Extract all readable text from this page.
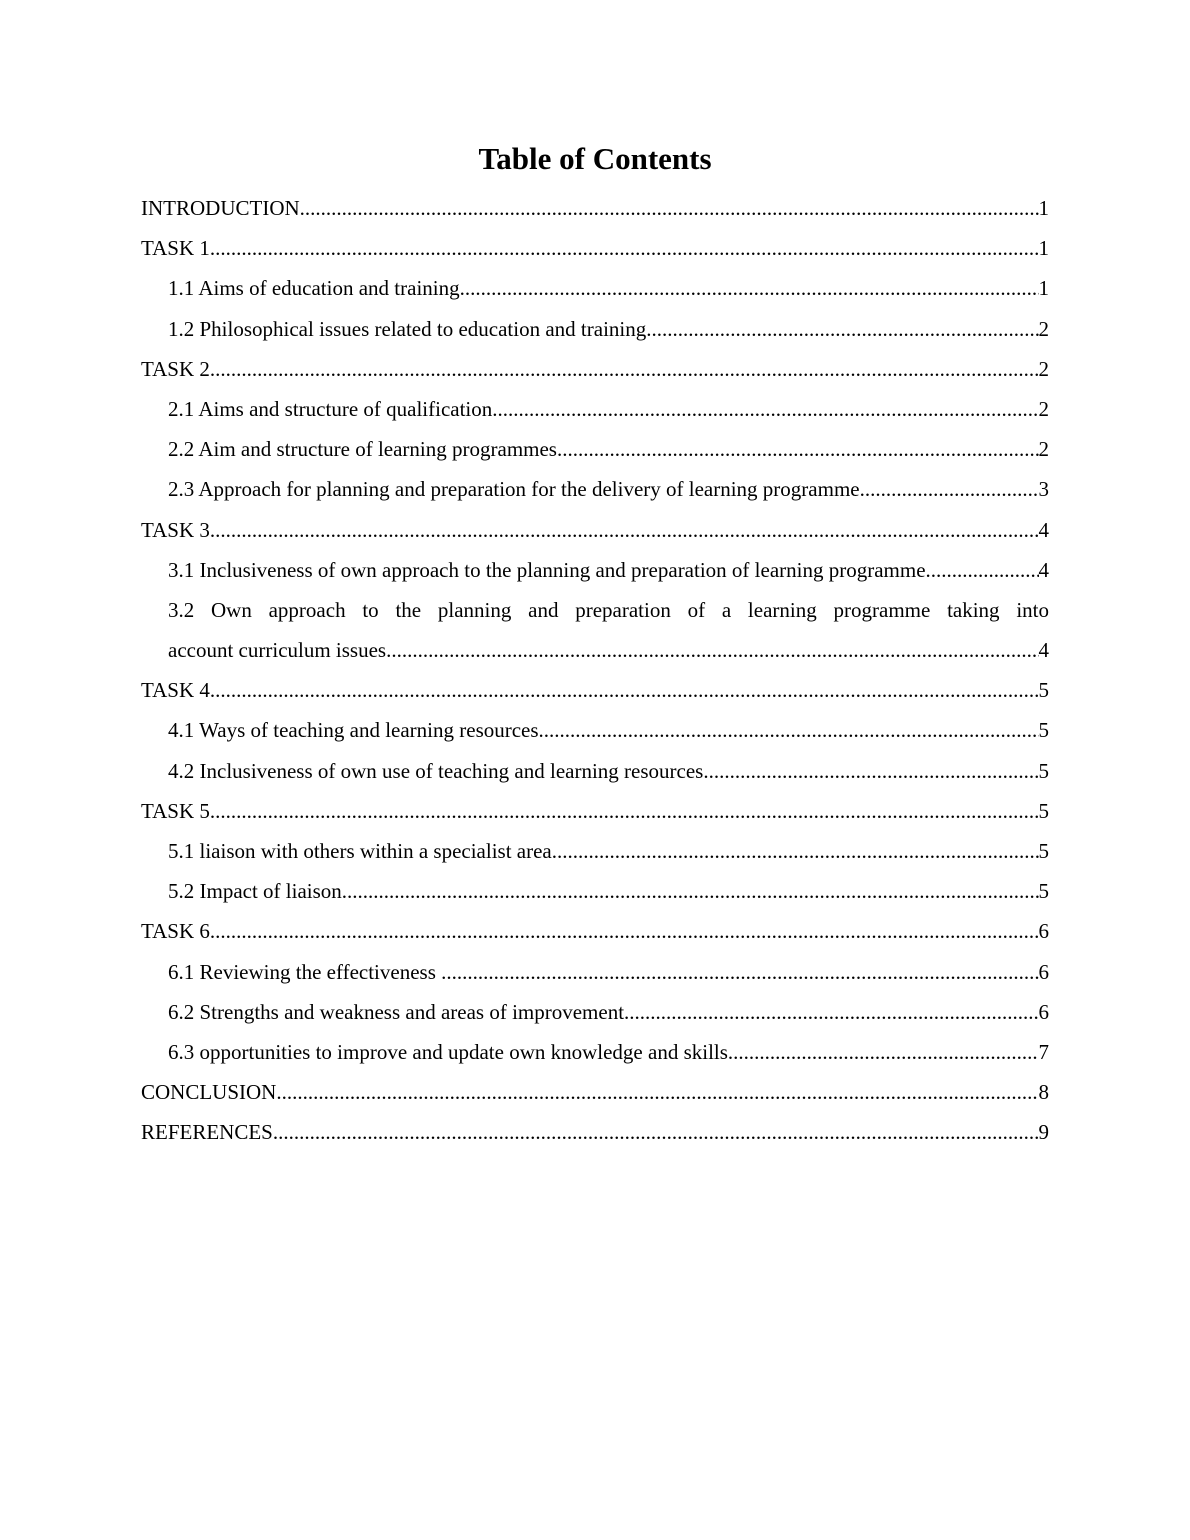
Table of Contents
INTRODUCTION .....	1
TASK 1 .....	1
1.1 Aims of education and training .....	1
1.2 Philosophical issues related to education and training .....	2
TASK 2 .....	2
2.1 Aims and structure of qualification .....	2
2.2 Aim and structure of learning programmes .....	2
2.3 Approach for planning and preparation for the delivery of learning programme .....	3
TASK 3 .....	4
3.1 Inclusiveness of own approach to the planning and preparation of learning programme .....	4
3.2 Own approach to the planning and preparation of a learning programme taking into
account curriculum issues .....	4
TASK 4 .....	5
4.1 Ways of teaching and learning resources .....	5
4.2 Inclusiveness of own use of teaching and learning resources .....	5
TASK 5 .....	5
5.1 liaison with others within a specialist area .....	5
5.2 Impact of liaison .....	5
TASK 6 .....	6
6.1 Reviewing the effectiveness .....	6
6.2 Strengths and weakness and areas of improvement .....	6
6.3 opportunities to improve and update own knowledge and skills .....	7
CONCLUSION .....	8
REFERENCES .....	9
